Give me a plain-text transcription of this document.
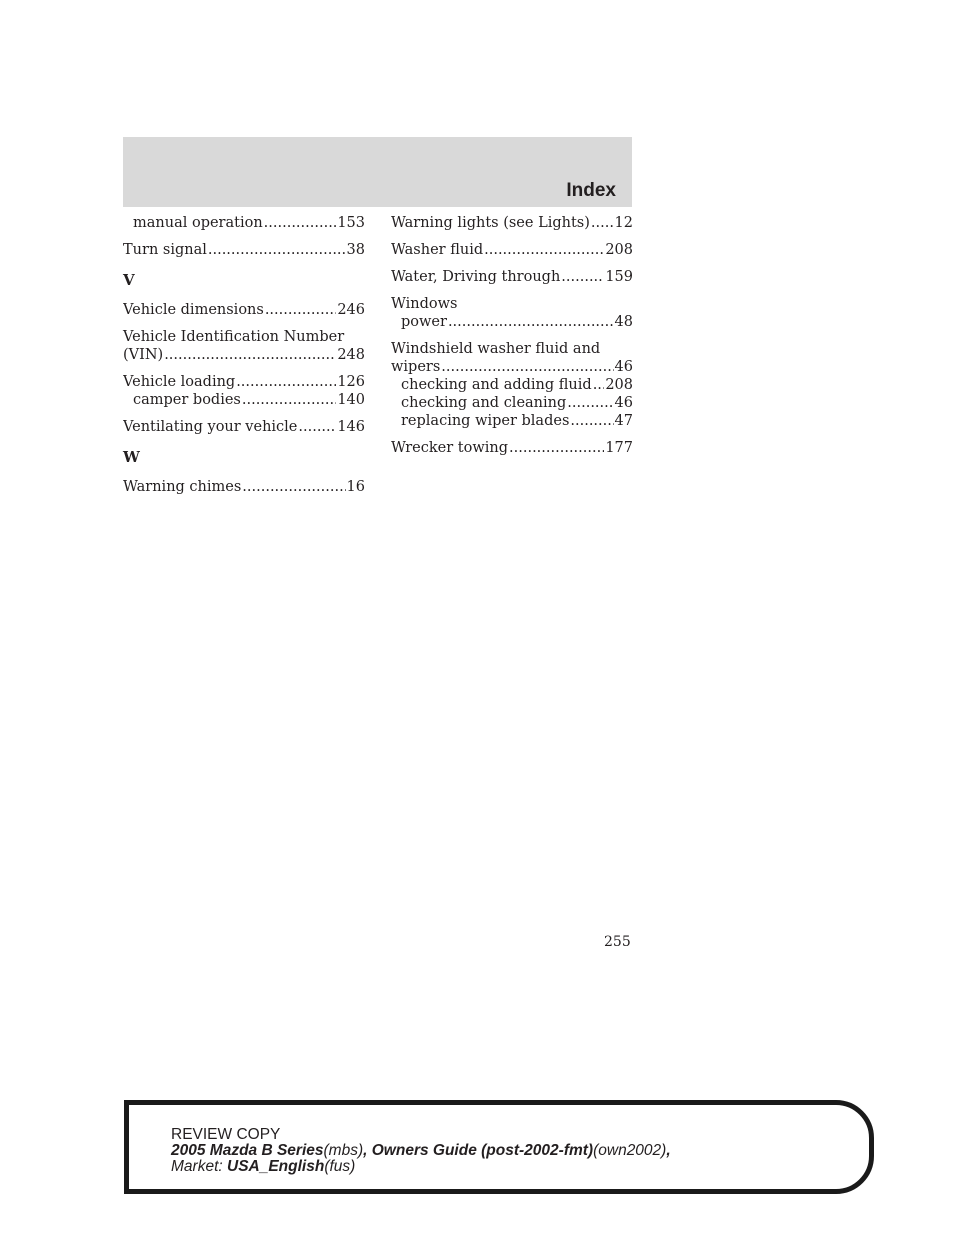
Index
manual operation .....	153
Turn signal .....	38
V
Vehicle dimensions .....	246
Vehicle Identification Number
(VIN) .....	248
Vehicle loading .....	126
camper bodies .....	140
Ventilating your vehicle .....	146
W
Warning chimes .....	16
Warning lights (see Lights) ..... 12
Washer fluid .....	208
Water, Driving through .....	159
Windows
power .....	48
Windshield washer fluid and
wipers .....	46
checking and adding fluid ..... 208
checking and cleaning .....	46
replacing wiper blades .....	47
Wrecker towing .....	177
255
REVIEW COPY
2005 Mazda B Series(mbs), Owners Guide (post-2002-fmt)(own2002),
Market: USA_English(fus)
